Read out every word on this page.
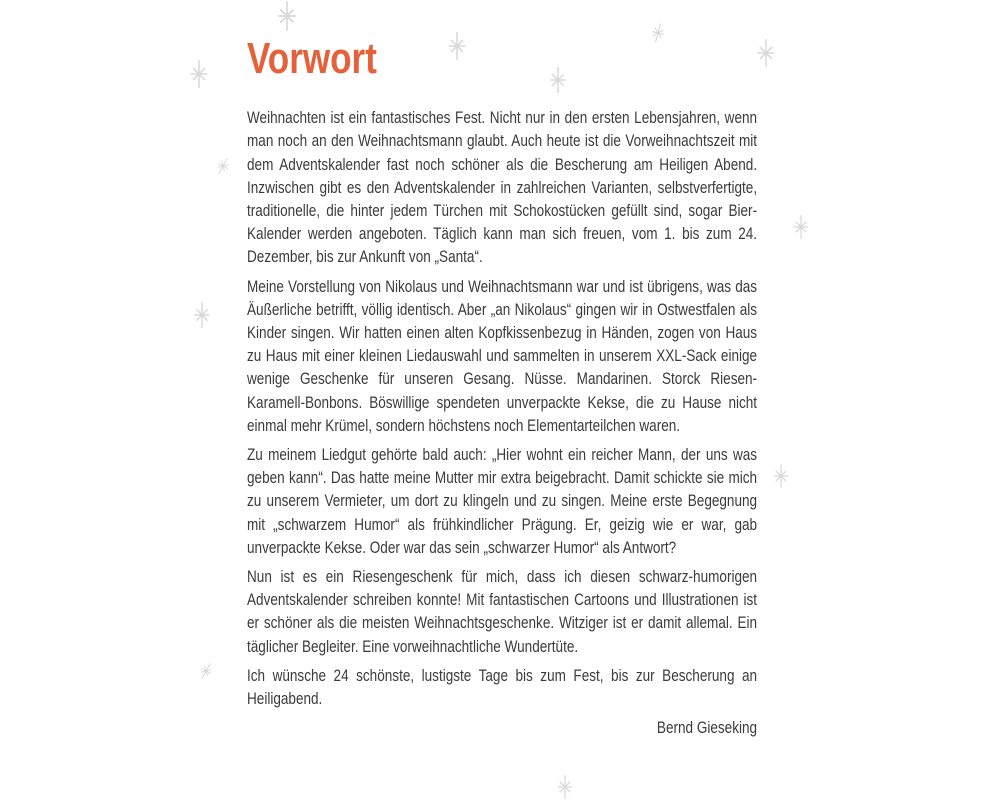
Vorwort

Weihnachten ist ein fantastisches Fest. Nicht nur in den ersten Lebensjahren, wenn man noch an den Weihnachtsmann glaubt. Auch heute ist die Vorweihnachtszeit mit dem Adventskalender fast noch schöner als die Bescherung am Heiligen Abend. Inzwischen gibt es den Adventskalender in zahlreichen Varianten, selbstverfertigte, traditionelle, die hinter jedem Türchen mit Schokostücken gefüllt sind, sogar Bier-Kalender werden angeboten. Täglich kann man sich freuen, vom 1. bis zum 24. Dezember, bis zur Ankunft von „Santa“.

Meine Vorstellung von Nikolaus und Weihnachtsmann war und ist übrigens, was das Äußerliche betrifft, völlig identisch. Aber „an Nikolaus“ gingen wir in Ostwestfalen als Kinder singen. Wir hatten einen alten Kopfkissenbezug in Händen, zogen von Haus zu Haus mit einer kleinen Liedauswahl und sammelten in unserem XXL-Sack einige wenige Geschenke für unseren Gesang. Nüsse. Mandarinen. Storck Riesen-Karamell-Bonbons. Böswillige spendeten unverpackte Kekse, die zu Hause nicht einmal mehr Krümel, sondern höchstens noch Elementarteilchen waren.

Zu meinem Liedgut gehörte bald auch: „Hier wohnt ein reicher Mann, der uns was geben kann“. Das hatte meine Mutter mir extra beigebracht. Damit schickte sie mich zu unserem Vermieter, um dort zu klingeln und zu singen. Meine erste Begegnung mit „schwarzem Humor“ als frühkindlicher Prägung. Er, geizig wie er war, gab unverpackte Kekse. Oder war das sein „schwarzer Humor“ als Antwort?

Nun ist es ein Riesengeschenk für mich, dass ich diesen schwarz-humorigen Adventskalender schreiben konnte! Mit fantastischen Cartoons und Illustrationen ist er schöner als die meisten Weihnachtsgeschenke. Witziger ist er damit allemal. Ein täglicher Begleiter. Eine vorweihnachtliche Wundertüte.

Ich wünsche 24 schönste, lustigste Tage bis zum Fest, bis zur Bescherung an Heiligabend.

Bernd Gieseking
